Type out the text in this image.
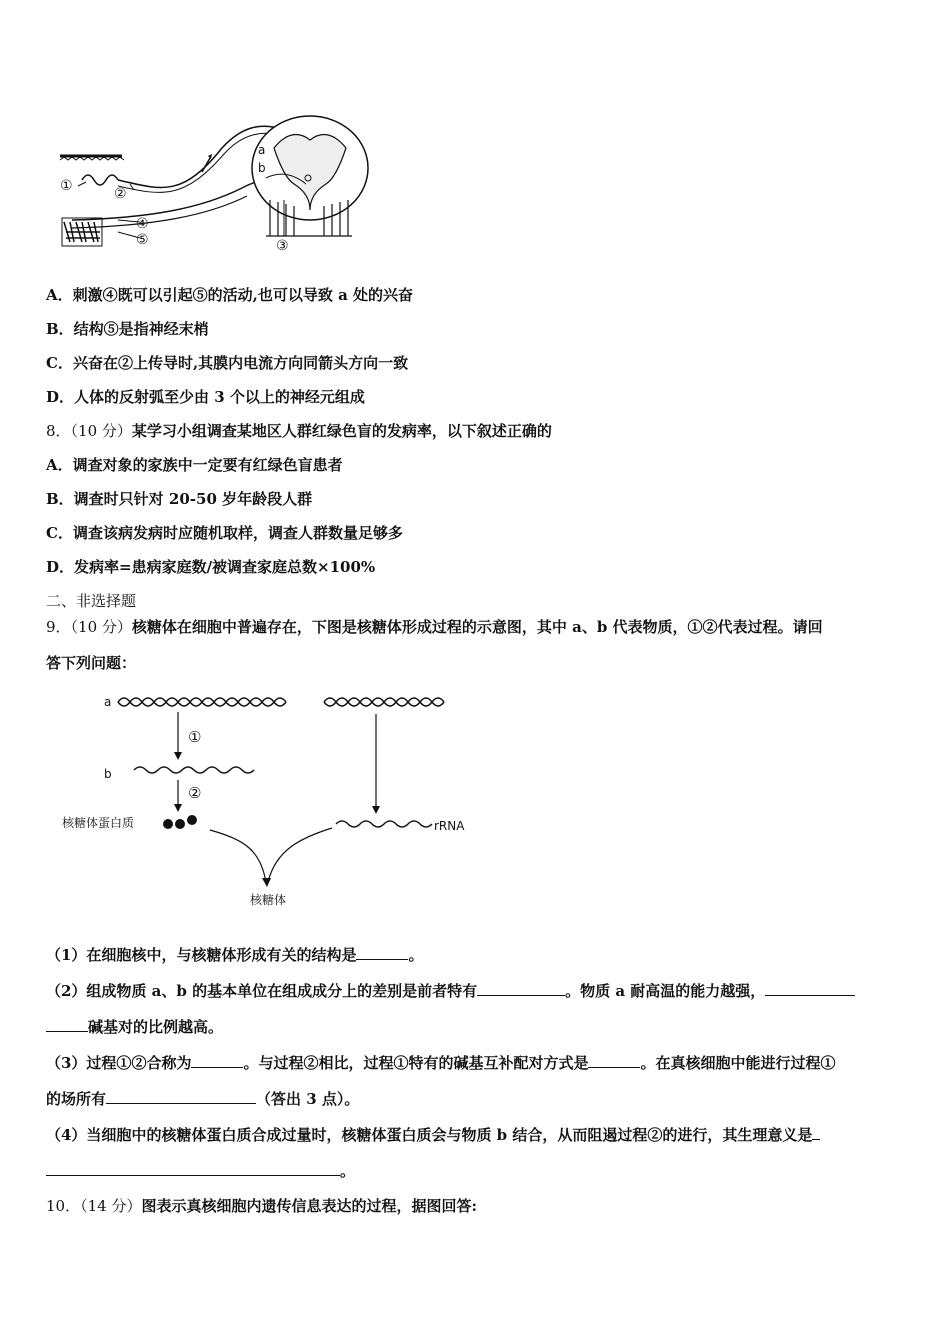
①	②
③
④
⑤
a
b
A．刺激④既可以引起⑤的活动,也可以导致 a 处的兴奋
B．结构⑤是指神经末梢
C．兴奋在②上传导时,其膜内电流方向同箭头方向一致
D．人体的反射弧至少由 3 个以上的神经元组成
8．（10 分）某学习小组调查某地区人群红绿色盲的发病率，以下叙述正确的
A．调查对象的家族中一定要有红绿色盲患者
B．调查时只针对 20-50 岁年龄段人群
C．调查该病发病时应随机取样，调查人群数量足够多
D．发病率=患病家庭数/被调查家庭总数×100%
二、非选择题
9．（10 分）核糖体在细胞中普遍存在，下图是核糖体形成过程的示意图，其中 a、b 代表物质，①②代表过程。请回
答下列问题：
a
b
①
②
核糖体蛋白质	rRNA
核糖体
（1）在细胞核中，与核糖体形成有关的结构是	。
（2）组成物质 a、b 的基本单位在组成成分上的差别是前者特有	。物质 a 耐高温的能力越强，
碱基对的比例越高。
（3）过程①②合称为	。与过程②相比，过程①特有的碱基互补配对方式是	。在真核细胞中能进行过程①
的场所有	（答出 3 点）。
（4）当细胞中的核糖体蛋白质合成过量时，核糖体蛋白质会与物质 b 结合，从而阻遏过程②的进行，其生理意义是
。
10．（14 分）图表示真核细胞内遗传信息表达的过程，据图回答:
